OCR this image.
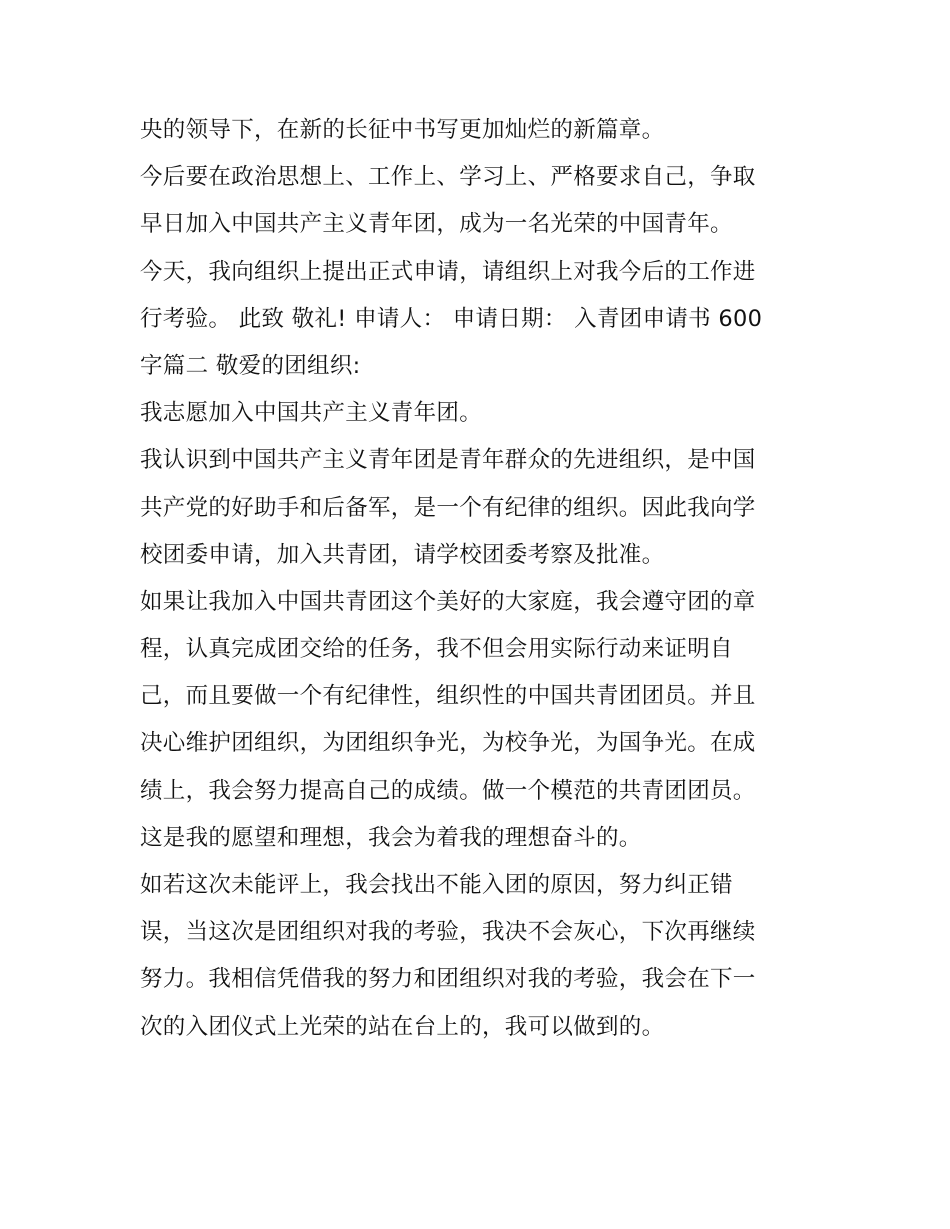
央的领导下，在新的长征中书写更加灿烂的新篇章。
今后要在政治思想上、工作上、学习上、严格要求自己，争取
早日加入中国共产主义青年团，成为一名光荣的中国青年。
今天，我向组织上提出正式申请，请组织上对我今后的工作进
行考验。 此致 敬礼! 申请人： 申请日期： 入青团申请书 600
字篇二 敬爱的团组织:
我志愿加入中国共产主义青年团。
我认识到中国共产主义青年团是青年群众的先进组织，是中国
共产党的好助手和后备军，是一个有纪律的组织。因此我向学
校团委申请，加入共青团，请学校团委考察及批准。
如果让我加入中国共青团这个美好的大家庭，我会遵守团的章
程，认真完成团交给的任务，我不但会用实际行动来证明自
己，而且要做一个有纪律性，组织性的中国共青团团员。并且
决心维护团组织，为团组织争光，为校争光，为国争光。在成
绩上，我会努力提高自己的成绩。做一个模范的共青团团员。
这是我的愿望和理想，我会为着我的理想奋斗的。
如若这次未能评上，我会找出不能入团的原因，努力纠正错
误，当这次是团组织对我的考验，我决不会灰心，下次再继续
努力。我相信凭借我的努力和团组织对我的考验，我会在下一
次的入团仪式上光荣的站在台上的，我可以做到的。
